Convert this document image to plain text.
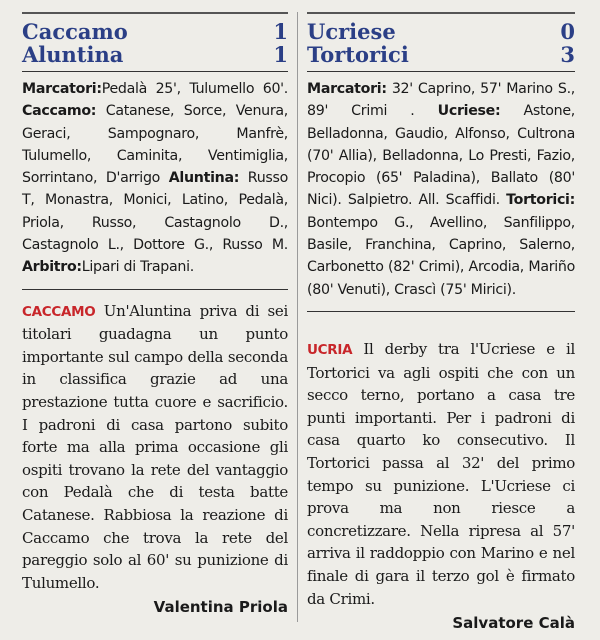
Caccamo	1
Aluntina	1
Marcatori:Pedalà 25', Tulumello 60'. Caccamo: Catanese, Sorce, Venura, Geraci, Sampognaro, Manfrè, Tulumello, Caminita, Ventimiglia, Sorrintano, D'arrigo Aluntina: Russo T, Monastra, Monici, Latino, Pedalà, Priola, Russo, Castagnolo D., Castagnolo L., Dottore G., Russo M. Arbitro:Lipari di Trapani.
CACCAMO Un'Aluntina priva di sei titolari guadagna un punto importante sul campo della seconda in classifica grazie ad una prestazione tutta cuore e sacrificio. I padroni di casa partono subito forte ma alla prima occasione gli ospiti trovano la rete del vantaggio con Pedalà che di testa batte Catanese. Rabbiosa la reazione di Caccamo che trova la rete del pareggio solo al 60' su punizione di Tulumello.
Valentina Priola
Ucriese	0
Tortorici	3
Marcatori: 32' Caprino, 57' Marino S., 89' Crimi . Ucriese: Astone, Belladonna, Gaudio, Alfonso, Cultrona (70' Allia), Belladonna, Lo Presti, Fazio, Procopio (65' Paladina), Ballato (80' Nici). Salpietro. All. Scaffidi. Tortorici: Bontempo G., Avellino, Sanfilippo, Basile, Franchina, Caprino, Salerno, Carbonetto (82' Crimi), Arcodia, Mariño (80' Venuti), Crascì (75' Mirici).
UCRIA Il derby tra l'Ucriese e il Tortorici va agli ospiti che con un secco terno, portano a casa tre punti importanti. Per i padroni di casa quarto ko consecutivo. Il Tortorici passa al 32' del primo tempo su punizione. L'Ucriese ci prova ma non riesce a concretizzare. Nella ripresa al 57' arriva il raddoppio con Marino e nel finale di gara il terzo gol è firmato da Crimi.
Salvatore Calà
